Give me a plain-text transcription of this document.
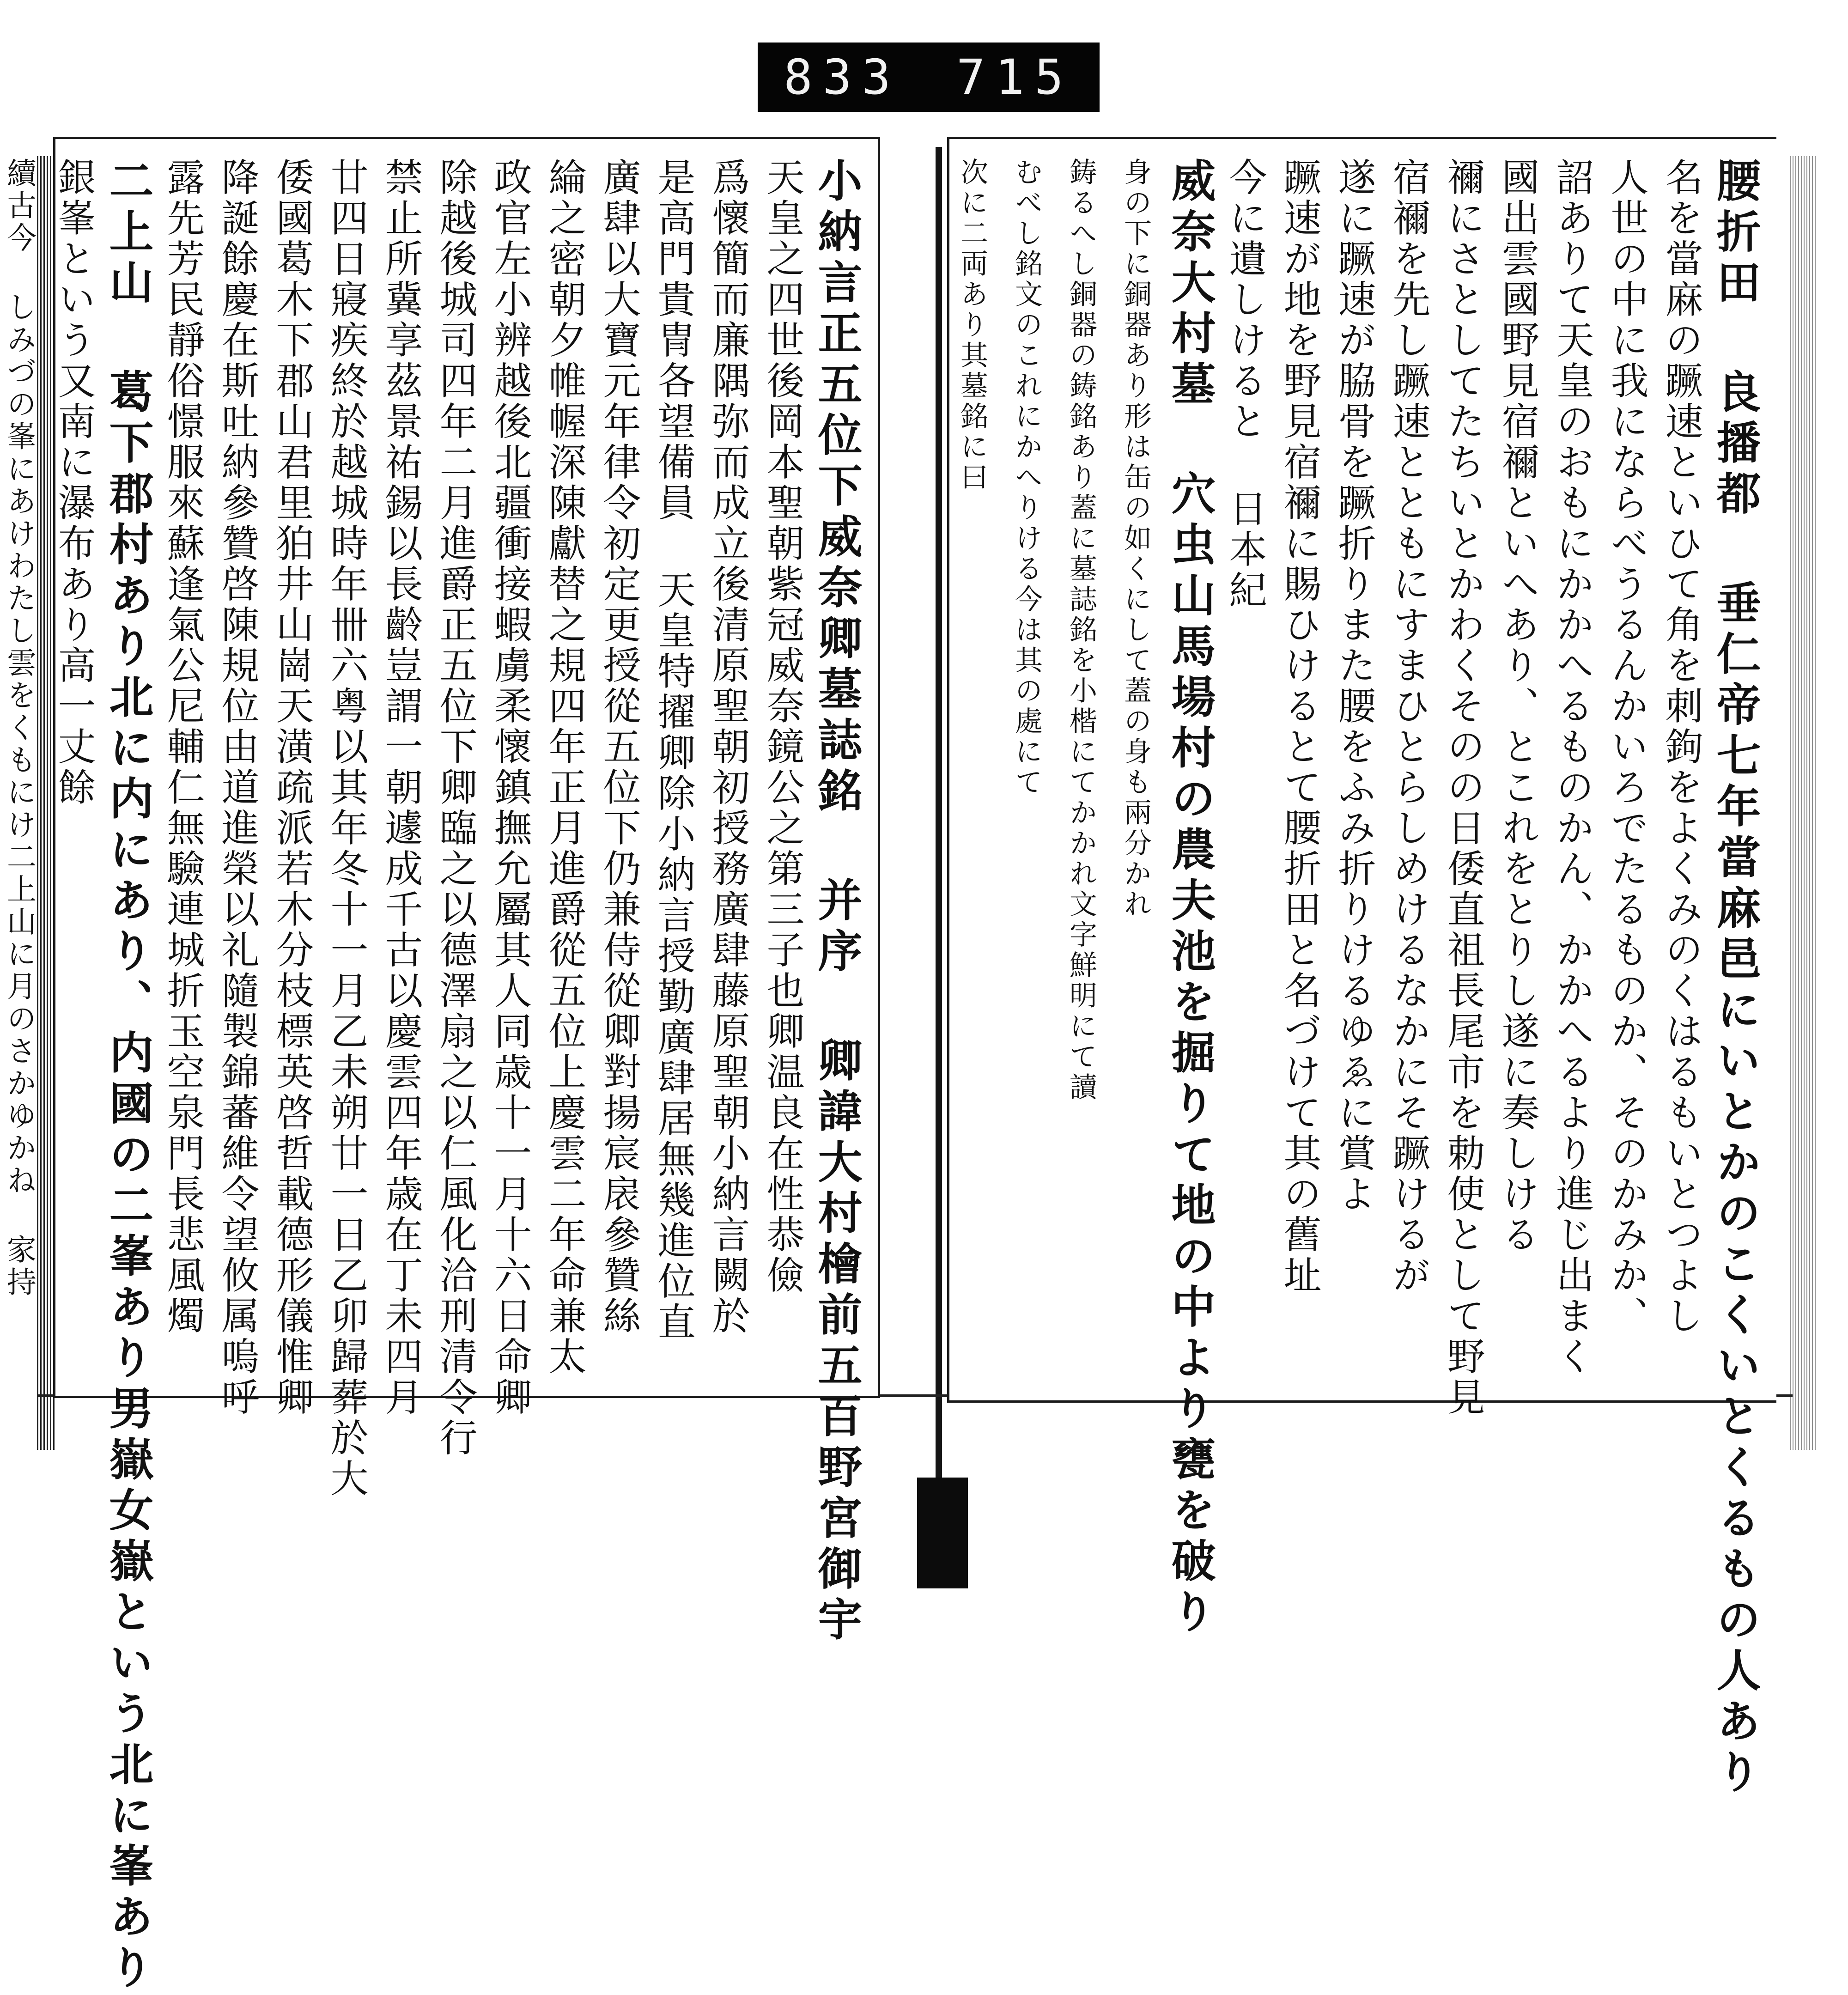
833 715
小納言正五位下威奈卿墓誌銘 并序 卿諱大村檜前五百野宮御宇
天皇之四世後岡本聖朝紫冠威奈鏡公之第三子也卿温良在性恭儉
爲懷簡而廉隅弥而成立後清原聖朝初授務廣肆藤原聖朝小納言闕於
是高門貴冑各望備員 天皇特擢卿除小納言授勤廣肆居無幾進位直
廣肆以大寶元年律令初定更授從五位下仍兼侍從卿對揚宸扆參贊絲
綸之密朝夕帷幄深陳獻替之規四年正月進爵從五位上慶雲二年命兼太
政官左小辨越後北疆衝接蝦虜柔懷鎮撫允屬其人同歳十一月十六日命卿
除越後城司四年二月進爵正五位下卿臨之以德澤扇之以仁風化洽刑清令行
禁止所冀享茲景祐錫以長齡豈謂一朝遽成千古以慶雲四年歳在丁未四月
廿四日寢疾終於越城時年卌六粤以其年冬十一月乙未朔廿一日乙卯歸葬於大
倭國葛木下郡山君里狛井山崗天潢疏派若木分枝標英啓哲載德形儀惟卿
降誕餘慶在斯吐納參贊啓陳規位由道進榮以礼隨製錦蕃維令望攸属嗚呼
露先芳民靜俗憬服來蘇逢氣公尼輔仁無驗連城折玉空泉門長悲風燭
二上山 葛下郡村あり北に内にあり、内國の二峯あり男嶽女嶽という北に峯あり
銀峯という又南に瀑布あり高一丈餘
續古今 しみづの峯にあけわたし雲をくもにけ二上山に月のさかゆかね 家持	腰折田 良播都 垂仁帝七年當麻邑にいとかのこくいとくるもの人あり
名を當麻の蹶速といひて角を刺鉤をよくみのくはるもいとつよし
人世の中に我にならべうるんかいろでたるものか、そのかみか、
詔ありて天皇のおもにかかへるものかん、かかへるより進じ出まく
國出雲國野見宿禰といへあり、とこれをとりし遂に奏しける
禰にさとしてたちいとかわくそのの日倭直祖長尾市を勅使として野見
宿禰を先し蹶速とともにすまひとらしめけるなかにそ蹶けるが
遂に蹶速が脇骨を蹶折りまた腰をふみ折りけるゆゑに賞よ
蹶速が地を野見宿禰に賜ひけるとて腰折田と名づけて其の舊址
今に遺しけると 日本紀
威奈大村墓 穴虫山馬場村の農夫池を掘りて地の中より甕を破り
身の下に銅器あり形は缶の如くにして蓋の身も兩分かれ
鋳るへし銅器の鋳銘あり蓋に墓誌銘を小楷にてかかれ文字鮮明にて讀
むべし銘文のこれにかへりける今は其の處にて
次に二両あり其墓銘に曰
